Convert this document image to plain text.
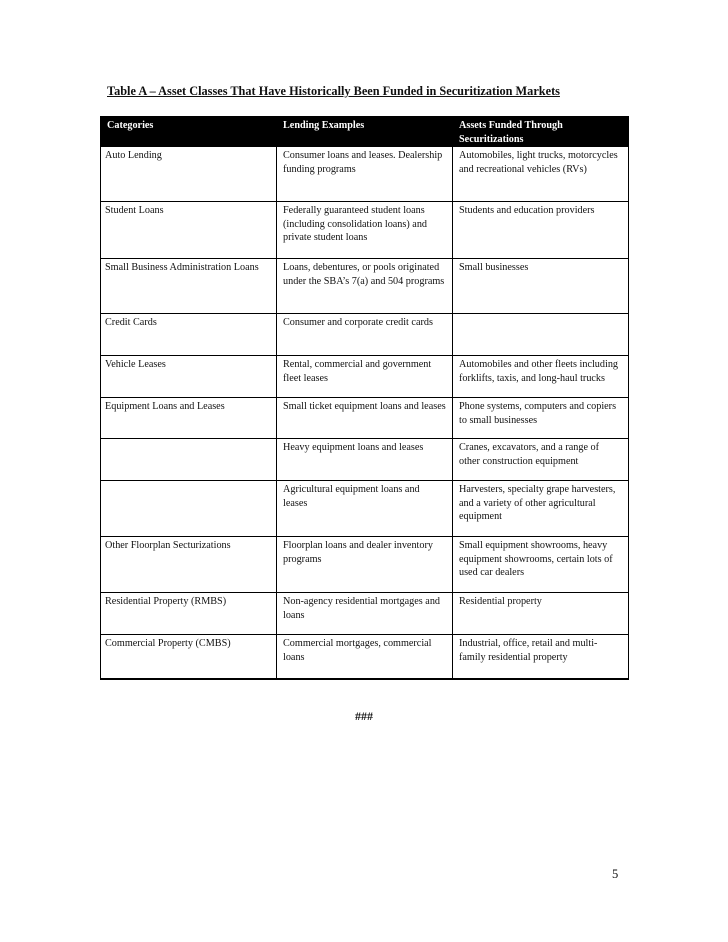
Table A – Asset Classes That Have Historically Been Funded in Securitization Markets
Categories	Lending Examples	Assets Funded Through Securitizations
Auto Lending	Consumer loans and leases. Dealership funding programs	Automobiles, light trucks, motorcycles and recreational vehicles (RVs)
Student Loans	Federally guaranteed student loans (including consolidation loans) and private student loans	Students and education providers
Small Business Administration Loans	Loans, debentures, or pools originated under the SBA’s 7(a) and 504 programs	Small businesses
Credit Cards	Consumer and corporate credit cards	
Vehicle Leases	Rental, commercial and government fleet leases	Automobiles and other fleets including forklifts, taxis, and long-haul trucks
Equipment Loans and Leases	Small ticket equipment loans and leases	Phone systems, computers and copiers to small businesses
	Heavy equipment loans and leases	Cranes, excavators, and a range of other construction equipment
	Agricultural equipment loans and leases	Harvesters, specialty grape harvesters, and a variety of other agricultural equipment
Other Floorplan Secturizations	Floorplan loans and dealer inventory programs	Small equipment showrooms, heavy equipment showrooms, certain lots of used car dealers
Residential Property (RMBS)	Non-agency residential mortgages and loans	Residential property
Commercial Property (CMBS)	Commercial mortgages, commercial loans	Industrial, office, retail and multi-family residential property
###
5
